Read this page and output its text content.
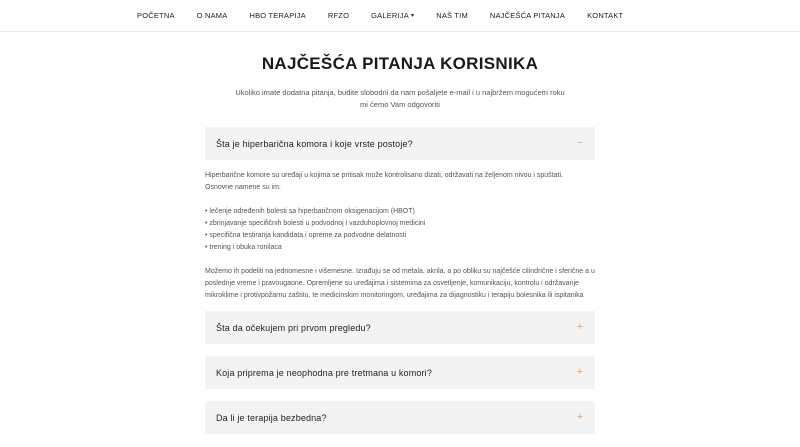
POČETNA	O NAMA	HBO TERAPIJA	RFZO	GALERIJA ▾	NAŠ TIM	NAJČEŠĆA PITANJA	KONTAKT
NAJČEŠĆA PITANJA KORISNIKA

Ukoliko imate dodatna pitanja, budite slobodni da nam pošaljete e-mail i u najbržem mogućem roku mi ćemo Vam odgovoriti

Šta je hiperbarična komora i koje vrste postoje?	−

Hiperbarične komore su uređaji u kojima se pritisak može kontrolisano dizati, održavati na željenom nivou i spuštati.

Osnovne namene su im:

• lečenje određenih bolesti sa hiperbaričnom oksigenacijom (HBOT)
• zbrinjavanje specifičnih bolesti u podvodnoj i vazduhoplovnoj medicini
• specifična testiranja kandidata i opreme za podvodne delatnosti
• trening i obuka ronilaca

Možemo ih podeliti na jednomesne i višemesne. Izrađuju se od metala, akrila, a po obliku su najčešće cilindrične i sferične a u poslednje vreme i pravougaone. Opremljene su uređajima i sistemima za osvetljenje, komunikaciju, kontrolu i održavanje mikroklime i protivpožarnu zaštitu, te medicinskim monitoringom, uređajima za dijagnostiku i terapiju bolesnika ili ispitanika

Šta da očekujem pri prvom pregledu?	+
Koja priprema je neophodna pre tretmana u komori?	+
Da li je terapija bezbedna?	+
